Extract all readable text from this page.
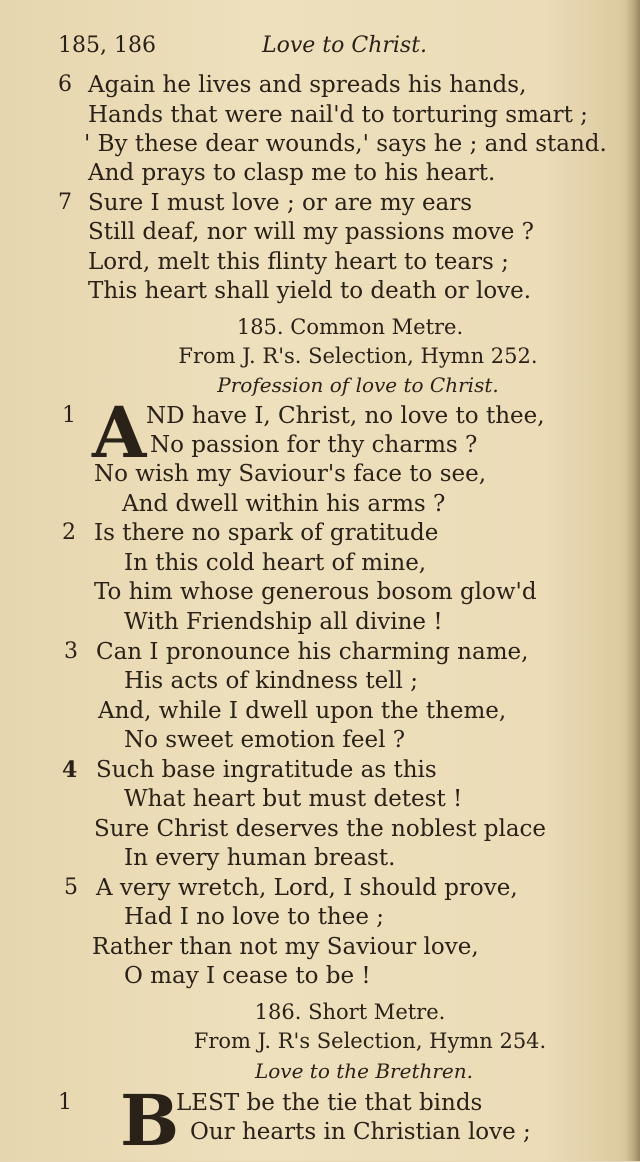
185, 186	Love to Christ.
6 Again he lives and spreads his hands,
Hands that were nail'd to torturing smart ;
' By these dear wounds,' says he ; and stand.
And prays to clasp me to his heart.
7 Sure I must love ; or are my ears
Still deaf, nor will my passions move ?
Lord, melt this flinty heart to tears ;
This heart shall yield to death or love.
185. Common Metre.
From J. R's. Selection, Hymn 252.
Profession of love to Christ.
1 A ND have I, Christ, no love to thee,
No passion for thy charms ?
No wish my Saviour's face to see,
And dwell within his arms ?
2 Is there no spark of gratitude
In this cold heart of mine,
To him whose generous bosom glow'd
With Friendship all divine !
3 Can I pronounce his charming name,
His acts of kindness tell ;
And, while I dwell upon the theme,
No sweet emotion feel ?
4 Such base ingratitude as this
What heart but must detest !
Sure Christ deserves the noblest place
In every human breast.
5 A very wretch, Lord, I should prove,
Had I no love to thee ;
Rather than not my Saviour love,
O may I cease to be !
186. Short Metre.
From J. R's Selection, Hymn 254.
Love to the Brethren.
1 B
LEST be the tie that binds
Our hearts in Christian love ;
